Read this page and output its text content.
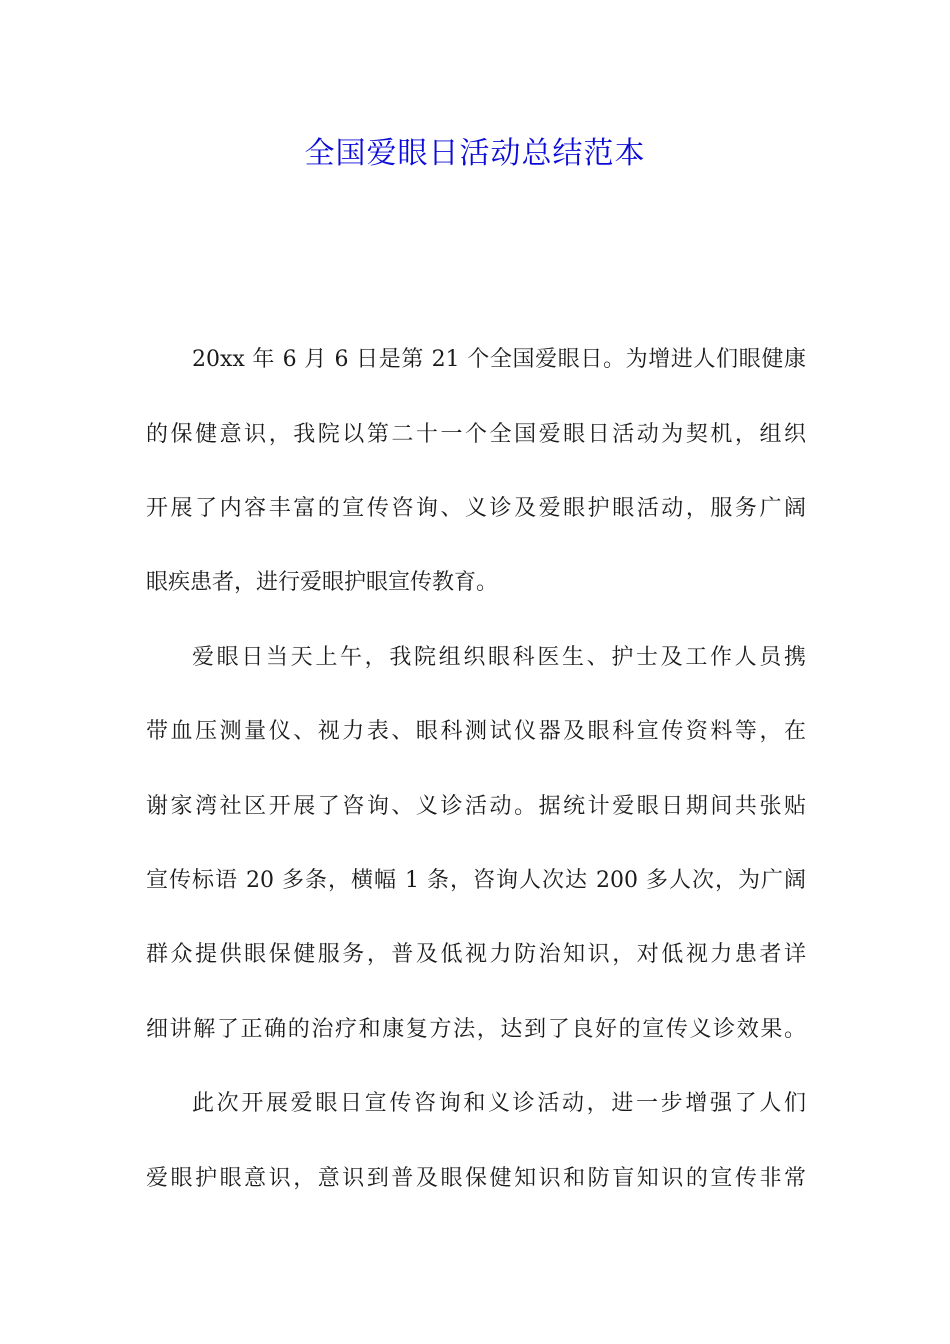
全国爱眼日活动总结范本
20xx 年 6 月 6 日是第 21 个全国爱眼日。为增进人们眼健康
的保健意识，我院以第二十一个全国爱眼日活动为契机，组织
开展了内容丰富的宣传咨询、义诊及爱眼护眼活动，服务广阔
眼疾患者，进行爱眼护眼宣传教育。
爱眼日当天上午，我院组织眼科医生、护士及工作人员携
带血压测量仪、视力表、眼科测试仪器及眼科宣传资料等，在
谢家湾社区开展了咨询、义诊活动。据统计爱眼日期间共张贴
宣传标语 20 多条，横幅 1 条，咨询人次达 200 多人次，为广阔
群众提供眼保健服务，普及低视力防治知识，对低视力患者详
细讲解了正确的治疗和康复方法，达到了良好的宣传义诊效果。
此次开展爱眼日宣传咨询和义诊活动，进一步增强了人们
爱眼护眼意识，意识到普及眼保健知识和防盲知识的宣传非常
